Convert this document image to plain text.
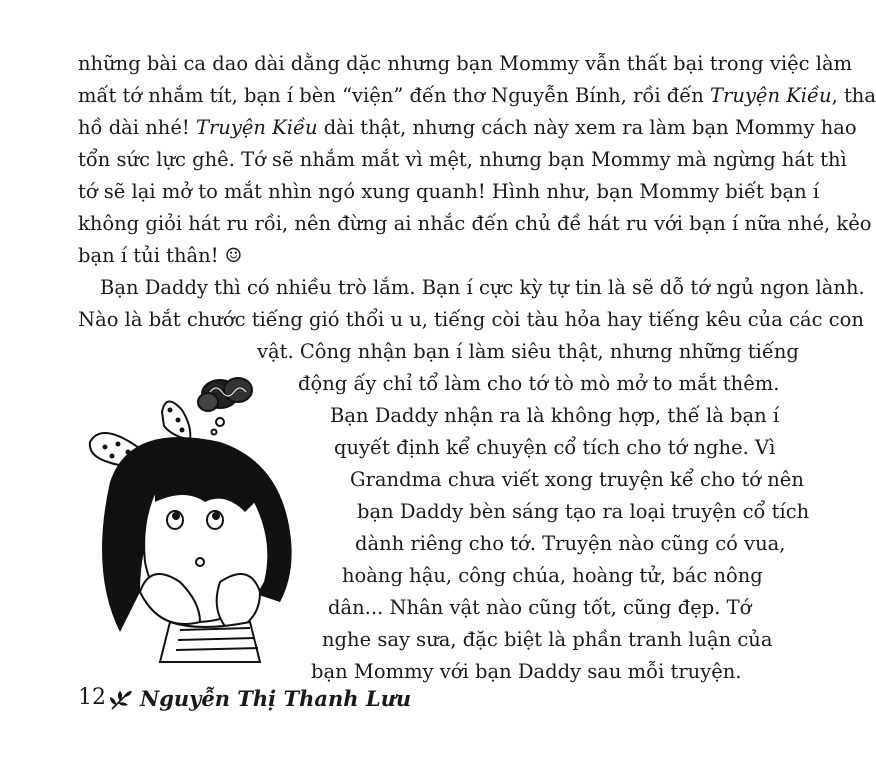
những bài ca dao dài dằng dặc nhưng bạn Mommy vẫn thất bại trong việc làm
mất tớ nhắm tít, bạn í bèn “viện” đến thơ Nguyễn Bính, rồi đến Truyện Kiều, tha
hồ dài nhé! Truyện Kiều dài thật, nhưng cách này xem ra làm bạn Mommy hao
tổn sức lực ghê. Tớ sẽ nhắm mắt vì mệt, nhưng bạn Mommy mà ngừng hát thì
tớ sẽ lại mở to mắt nhìn ngó xung quanh! Hình như, bạn Mommy biết bạn í
không giỏi hát ru rồi, nên đừng ai nhắc đến chủ đề hát ru với bạn í nữa nhé, kẻo
bạn í tủi thân! ☺
Bạn Daddy thì có nhiều trò lắm. Bạn í cực kỳ tự tin là sẽ dỗ tớ ngủ ngon lành.
Nào là bắt chước tiếng gió thổi u u, tiếng còi tàu hỏa hay tiếng kêu của các con
vật. Công nhận bạn í làm siêu thật, nhưng những tiếng
động ấy chỉ tổ làm cho tớ tò mò mở to mắt thêm.
Bạn Daddy nhận ra là không hợp, thế là bạn í
quyết định kể chuyện cổ tích cho tớ nghe. Vì
Grandma chưa viết xong truyện kể cho tớ nên
bạn Daddy bèn sáng tạo ra loại truyện cổ tích
dành riêng cho tớ. Truyện nào cũng có vua,
hoàng hậu, công chúa, hoàng tử, bác nông
dân... Nhân vật nào cũng tốt, cũng đẹp. Tớ
nghe say sưa, đặc biệt là phần tranh luận của
bạn Mommy với bạn Daddy sau mỗi truyện.
12 Nguyễn Thị Thanh Lưu
